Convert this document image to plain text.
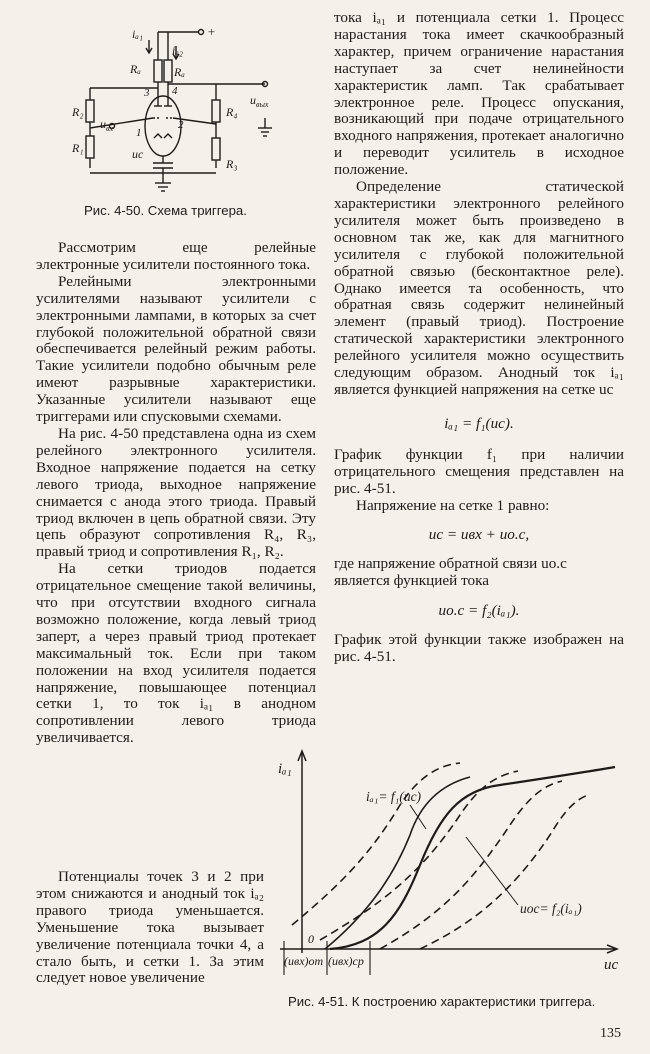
+
iₐ₁
iₐ₂
Rₐ	Rₐ
3 4
R₂
R₁
$u_{вх}$ 1
2
R₄
R₃
$u_{вых}$
uc
Рис. 4-50. Схема триггера.

Рассмотрим еще релейные электронные усилители постоянного тока.

Релейными электронными усилителями называют усилители с электронными лампами, в которых за счет глубокой положительной обратной связи обеспечивается релейный режим работы. Такие усилители подобно обычным реле имеют разрывные характеристики. Указанные усилители называют еще триггерами или спусковыми схемами.

На рис. 4-50 представлена одна из схем релейного электронного усилителя. Входное напряжение подается на сетку левого триода, выходное напряжение снимается с анода этого триода. Правый триод включен в цепь обратной связи. Эту цепь образуют сопротивления R₄, R₃, правый триод и сопротивления R₁, R₂.

На сетки триодов подается отрицательное смещение такой величины, что при отсутствии входного сигнала возможно положение, когда левый триод заперт, а через правый триод протекает максимальный ток. Если при таком положении на вход усилителя подается напряжение, повышающее потенциал сетки 1, то ток iₐ₁ в анодном сопротивлении левого триода увеличивается.

Потенциалы точек 3 и 2 при этом снижаются и анодный ток iₐ₂ правого триода уменьшается. Уменьшение тока вызывает увеличение потенциала точки 4, а стало быть, и сетки 1. За этим следует новое увеличение

тока iₐ₁ и потенциала сетки 1. Процесс нарастания тока имеет скачкообразный характер, причем ограничение нарастания наступает за счет нелинейности характеристик ламп. Так срабатывает электронное реле. Процесс опускания, возникающий при подаче отрицательного входного напряжения, протекает аналогично и переводит усилитель в исходное положение.

Определение статической характеристики электронного релейного усилителя может быть произведено в основном так же, как для магнитного усилителя с глубокой положительной обратной связью (бесконтактное реле). Однако имеется та особенность, что обратная связь содержит нелинейный элемент (правый триод). Построение статической характеристики электронного релейного усилителя можно осуществить следующим образом. Анодный ток iₐ₁ является функцией напряжения на сетке uc

iₐ₁ = f₁(uc).

График функции f₁ при наличии отрицательного смещения представлен на рис. 4-51.

Напряжение на сетке 1 равно:

uc = uвх + uо.с,

где напряжение обратной связи uо.с является функцией тока

uо.с = f₂(iₐ₁).

График этой функции также изображен на рис. 4-51.

iₐ₁
uc
0
(uвх)от (uвх)ср
iₐ₁= f₁(uc)
uoc= f₂(iₐ₁)
Рис. 4-51. К построению характеристики триггера.
135
